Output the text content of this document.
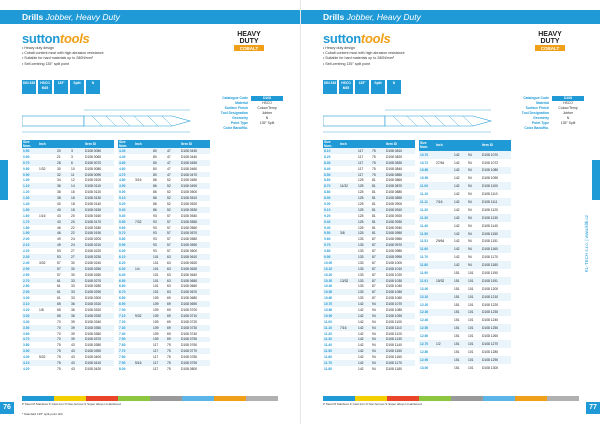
Drills Jobber, Heavy Duty
suttontools	HEAVY
DUTY
COBALT
• Heavy duty design
• Cobalt content most with high abrasion resistance
• Suitable for hard materials up to 280N/mm²
• Self-centring 135° split point
DIN 338	HSCO M35
135°	Split	N
Catalogue Code	D108
Material	HSCO
Surface Finish	Colour/Temp
Tool Designation	Jobber
Geometry	N
Point Type	135° Split
Color Band/No.
Size Nom.	Inch			Item ID
0.50		20	3	D108 0050
0.60		21	3	D108 0060
0.70		28	6	D108 0070
0.80	1/32	30	10	D108 0080
0.90		32	11	D108 0090
1.00		34	12	D108 0100
1.10		36	14	D108 0110
1.20		38	16	D108 0120
1.30		38	16	D108 0130
1.40		40	18	D108 0140
1.50		40	18	D108 0150
1.60	1/16	43	20	D108 0160
1.70		43	20	D108 0170
1.80		46	22	D108 0180
1.90		46	22	D108 0190
2.00		49	24	D108 0200
2.10		49	24	D108 0210
2.20		53	27	D108 0220
2.30		53	27	D108 0230
2.40	3/32	57	30	D108 0240
2.50		57	30	D108 0250
2.60		57	30	D108 0260
2.70		61	33	D108 0270
2.80		61	33	D108 0280
2.90		61	33	D108 0290
3.00		61	33	D108 0300
3.10		65	36	D108 0310
3.20	1/8	65	36	D108 0320
3.30		65	36	D108 0330
3.40		70	39	D108 0340
3.50		70	39	D108 0350
3.60		70	39	D108 0360
3.70		70	39	D108 0370
3.80		75	43	D108 0380
3.90		75	43	D108 0390
4.00	5/32	75	43	D108 0400
4.10		75	43	D108 0410
4.20		75	43	D108 0420
Size Nom.	Inch			Item ID
4.30		80	47	D108 0430
4.40		80	47	D108 0440
4.50		80	47	D108 0450
4.60		80	47	D108 0460
4.70		80	47	D108 0470
4.80	3/16	86	52	D108 0480
4.90		86	52	D108 0490
5.00		86	52	D108 0500
5.10		86	52	D108 0510
5.20		86	52	D108 0520
5.30		86	52	D108 0530
5.40		93	57	D108 0540
5.50	7/32	93	57	D108 0550
5.60		93	57	D108 0560
5.70		93	57	D108 0570
5.80		93	57	D108 0580
5.90		93	57	D108 0590
6.00		93	57	D108 0600
6.10		101	63	D108 0610
6.20		101	63	D108 0620
6.30	1/4	101	63	D108 0630
6.40		101	63	D108 0640
6.50		101	63	D108 0650
6.60		101	63	D108 0660
6.70		101	63	D108 0670
6.80		109	69	D108 0680
6.90		109	69	D108 0690
7.00		109	69	D108 0700
7.10	9/32	109	69	D108 0710
7.20		109	69	D108 0720
7.30		109	69	D108 0730
7.40		109	69	D108 0740
7.50		109	69	D108 0750
7.60		117	75	D108 0760
7.70		117	75	D108 0770
7.80		117	75	D108 0780
7.90	5/16	117	75	D108 0790
8.00		117	75	D108 0800
P Steel M Stainless K Cast Iron N Non-ferrous S Super alloys H Hardened
* Standard 135° split-point drill
76
Drills Jobber, Heavy Duty
suttontools	HEAVY
DUTY
COBALT
• Heavy duty design
• Cobalt content most with high abrasion resistance
• Suitable for hard materials up to 280N/mm²
• Self-centring 135° split point
DIN 338	HSCO M35
135°	Split	N
Catalogue Code	D108
Material	HSCO
Surface Finish	Colour/Temp
Tool Designation	Jobber
Geometry	N
Point Type	135° Split
Color Band/No.
Size Nom.	Inch			Item ID
8.10		117	75	D108 0810
8.20		117	75	D108 0820
8.30		117	75	D108 0830
8.40		117	75	D108 0840
8.50		117	75	D108 0850
8.60		125	81	D108 0860
8.70	11/32	125	81	D108 0870
8.80		125	81	D108 0880
8.90		125	81	D108 0890
9.00		125	81	D108 0900
9.10		125	81	D108 0910
9.20		125	81	D108 0920
9.30		125	81	D108 0930
9.40		125	81	D108 0940
9.50	3/8	125	81	D108 0950
9.60		133	87	D108 0960
9.70		133	87	D108 0970
9.80		133	87	D108 0980
9.90		133	87	D108 0990
10.00		133	87	D108 1000
10.10		133	87	D108 1010
10.20		133	87	D108 1020
10.30	13/32	133	87	D108 1030
10.40		133	87	D108 1040
10.50		133	87	D108 1050
10.60		133	87	D108 1060
10.70		142	94	D108 1070
10.80		142	94	D108 1080
10.90		142	94	D108 1090
11.00		142	94	D108 1100
11.10	7/16	142	94	D108 1110
11.20		142	94	D108 1120
11.30		142	94	D108 1130
11.40		142	94	D108 1140
11.50		142	94	D108 1150
11.60		142	94	D108 1160
11.70		142	94	D108 1170
11.80		142	94	D108 1180
Size Nom.	Inch			Item ID
10.70		142	94	D108 1070
10.72	27/64	142	94	D108 1072
10.80		142	94	D108 1080
10.90		142	94	D108 1090
11.00		142	94	D108 1100
11.10		142	94	D108 1110
11.11	7/16	142	94	D108 1111
11.20		142	94	D108 1120
11.30		142	94	D108 1130
11.40		142	94	D108 1140
11.50		142	94	D108 1150
11.51	29/64	142	94	D108 1151
11.60		142	94	D108 1160
11.70		142	94	D108 1170
11.80		142	94	D108 1180
11.90		151	101	D108 1190
11.91	15/32	151	101	D108 1191
12.00		151	101	D108 1200
12.10		151	101	D108 1210
12.20		151	101	D108 1220
12.30		151	101	D108 1230
12.40		151	101	D108 1240
12.50		151	101	D108 1250
12.60		151	101	D108 1260
12.70	1/2	151	101	D108 1270
12.80		151	101	D108 1280
12.90		151	101	D108 1290
13.00		151	101	D108 1300
P Steel M Stainless K Cast Iron N Non-ferrous S Super alloys H Hardened
KL-TECH s.r.o. | www.kltk.cz
77
